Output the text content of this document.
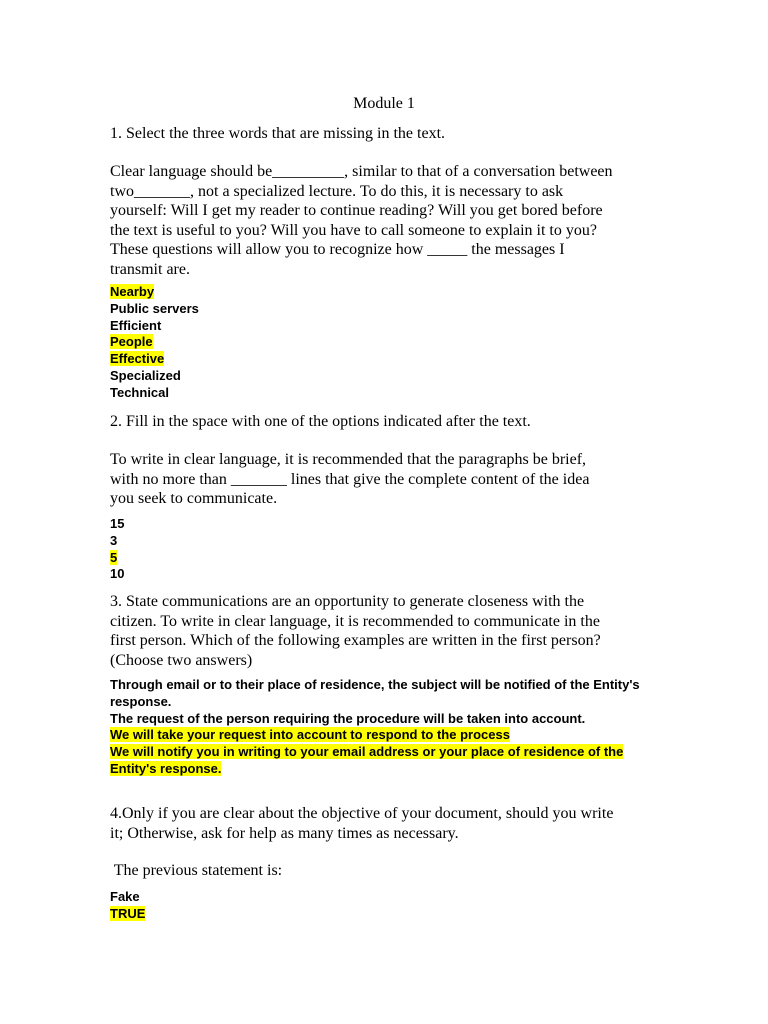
Module 1
1. Select the three words that are missing in the text.
Clear language should be_________, similar to that of a conversation between
two_______, not a specialized lecture. To do this, it is necessary to ask
yourself: Will I get my reader to continue reading? Will you get bored before
the text is useful to you? Will you have to call someone to explain it to you?
These questions will allow you to recognize how _____ the messages I
transmit are.
Nearby
Public servers
Efficient
People
Effective
Specialized
Technical
2. Fill in the space with one of the options indicated after the text.
To write in clear language, it is recommended that the paragraphs be brief,
with no more than _______ lines that give the complete content of the idea
you seek to communicate.
15
3
5
10
3. State communications are an opportunity to generate closeness with the
citizen. To write in clear language, it is recommended to communicate in the
first person. Which of the following examples are written in the first person?
(Choose two answers)
Through email or to their place of residence, the subject will be notified of the Entity's response.
The request of the person requiring the procedure will be taken into account.
We will take your request into account to respond to the process
We will notify you in writing to your email address or your place of residence of the Entity's response.
4.Only if you are clear about the objective of your document, should you write
it; Otherwise, ask for help as many times as necessary.
The previous statement is:
Fake
TRUE
